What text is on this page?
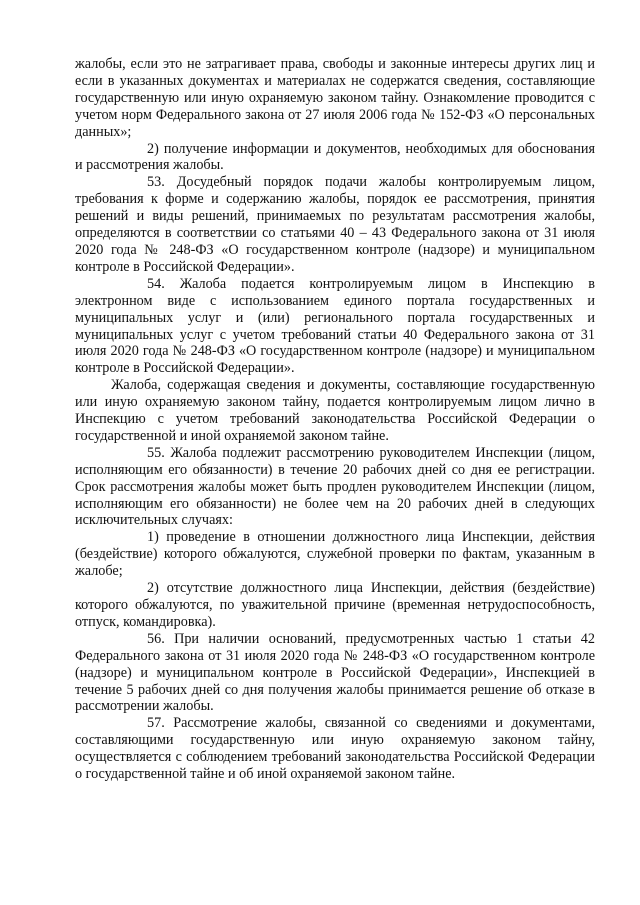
жалобы, если это не затрагивает права, свободы и законные интересы других лиц и если в указанных документах и материалах не содержатся сведения, составляющие государственную или иную охраняемую законом тайну. Ознакомление проводится с учетом норм Федерального закона от 27 июля 2006 года № 152-ФЗ «О персональных данных»;

2) получение информации и документов, необходимых для обоснования и рассмотрения жалобы.

53. Досудебный порядок подачи жалобы контролируемым лицом, требования к форме и содержанию жалобы, порядок ее рассмотрения, принятия решений и виды решений, принимаемых по результатам рассмотрения жалобы, определяются в соответствии со статьями 40 – 43 Федерального закона от 31 июля 2020 года № 248-ФЗ «О государственном контроле (надзоре) и муниципальном контроле в Российской Федерации».

54. Жалоба подается контролируемым лицом в Инспекцию в электронном виде с использованием единого портала государственных и муниципальных услуг и (или) регионального портала государственных и муниципальных услуг с учетом требований статьи 40 Федерального закона от 31 июля 2020 года № 248-ФЗ «О государственном контроле (надзоре) и муниципальном контроле в Российской Федерации».

Жалоба, содержащая сведения и документы, составляющие государственную или иную охраняемую законом тайну, подается контролируемым лицом лично в Инспекцию с учетом требований законодательства Российской Федерации о государственной и иной охраняемой законом тайне.

55. Жалоба подлежит рассмотрению руководителем Инспекции (лицом, исполняющим его обязанности) в течение 20 рабочих дней со дня ее регистрации. Срок рассмотрения жалобы может быть продлен руководителем Инспекции (лицом, исполняющим его обязанности) не более чем на 20 рабочих дней в следующих исключительных случаях:

1) проведение в отношении должностного лица Инспекции, действия (бездействие) которого обжалуются, служебной проверки по фактам, указанным в жалобе;

2) отсутствие должностного лица Инспекции, действия (бездействие) которого обжалуются, по уважительной причине (временная нетрудоспособность, отпуск, командировка).

56. При наличии оснований, предусмотренных частью 1 статьи 42 Федерального закона от 31 июля 2020 года № 248-ФЗ «О государственном контроле (надзоре) и муниципальном контроле в Российской Федерации», Инспекцией в течение 5 рабочих дней со дня получения жалобы принимается решение об отказе в рассмотрении жалобы.

57. Рассмотрение жалобы, связанной со сведениями и документами, составляющими государственную или иную охраняемую законом тайну, осуществляется с соблюдением требований законодательства Российской Федерации о государственной тайне и об иной охраняемой законом тайне.
